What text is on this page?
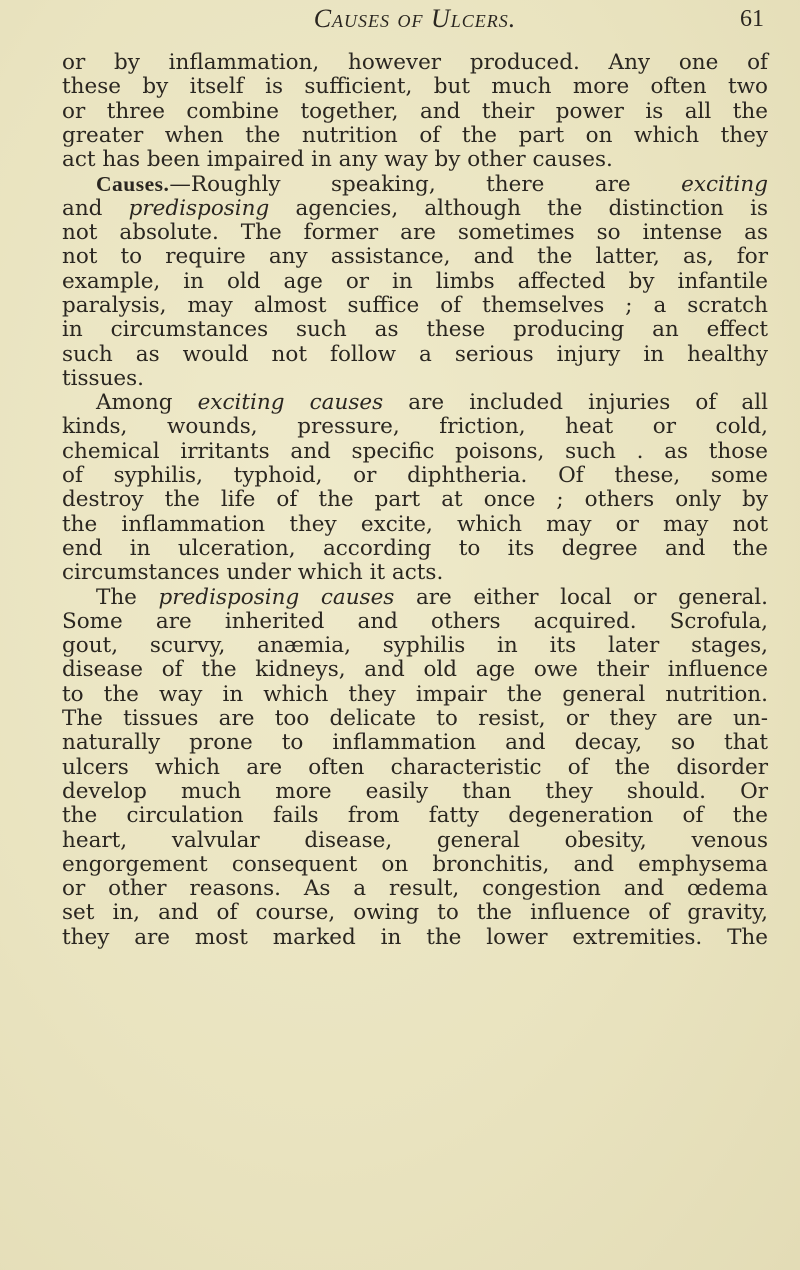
Causes of Ulcers.	61
or by inflammation, however produced. Any one of
these by itself is sufficient, but much more often two
or three combine together, and their power is all the
greater when the nutrition of the part on which they
act has been impaired in any way by other causes.
Causes.—Roughly speaking, there are exciting
and predisposing agencies, although the distinction is
not absolute. The former are sometimes so intense as
not to require any assistance, and the latter, as, for
example, in old age or in limbs affected by infantile
paralysis, may almost suffice of themselves ; a scratch
in circumstances such as these producing an effect
such as would not follow a serious injury in healthy
tissues.
Among exciting causes are included injuries of all
kinds, wounds, pressure, friction, heat or cold,
chemical irritants and specific poisons, such . as those
of syphilis, typhoid, or diphtheria. Of these, some
destroy the life of the part at once ; others only by
the inflammation they excite, which may or may not
end in ulceration, according to its degree and the
circumstances under which it acts.
The predisposing causes are either local or general.
Some are inherited and others acquired. Scrofula,
gout, scurvy, anæmia, syphilis in its later stages,
disease of the kidneys, and old age owe their influence
to the way in which they impair the general nutrition.
The tissues are too delicate to resist, or they are un-
naturally prone to inflammation and decay, so that
ulcers which are often characteristic of the disorder
develop much more easily than they should. Or
the circulation fails from fatty degeneration of the
heart, valvular disease, general obesity, venous
engorgement consequent on bronchitis, and emphysema
or other reasons. As a result, congestion and œdema
set in, and of course, owing to the influence of gravity,
they are most marked in the lower extremities. The
